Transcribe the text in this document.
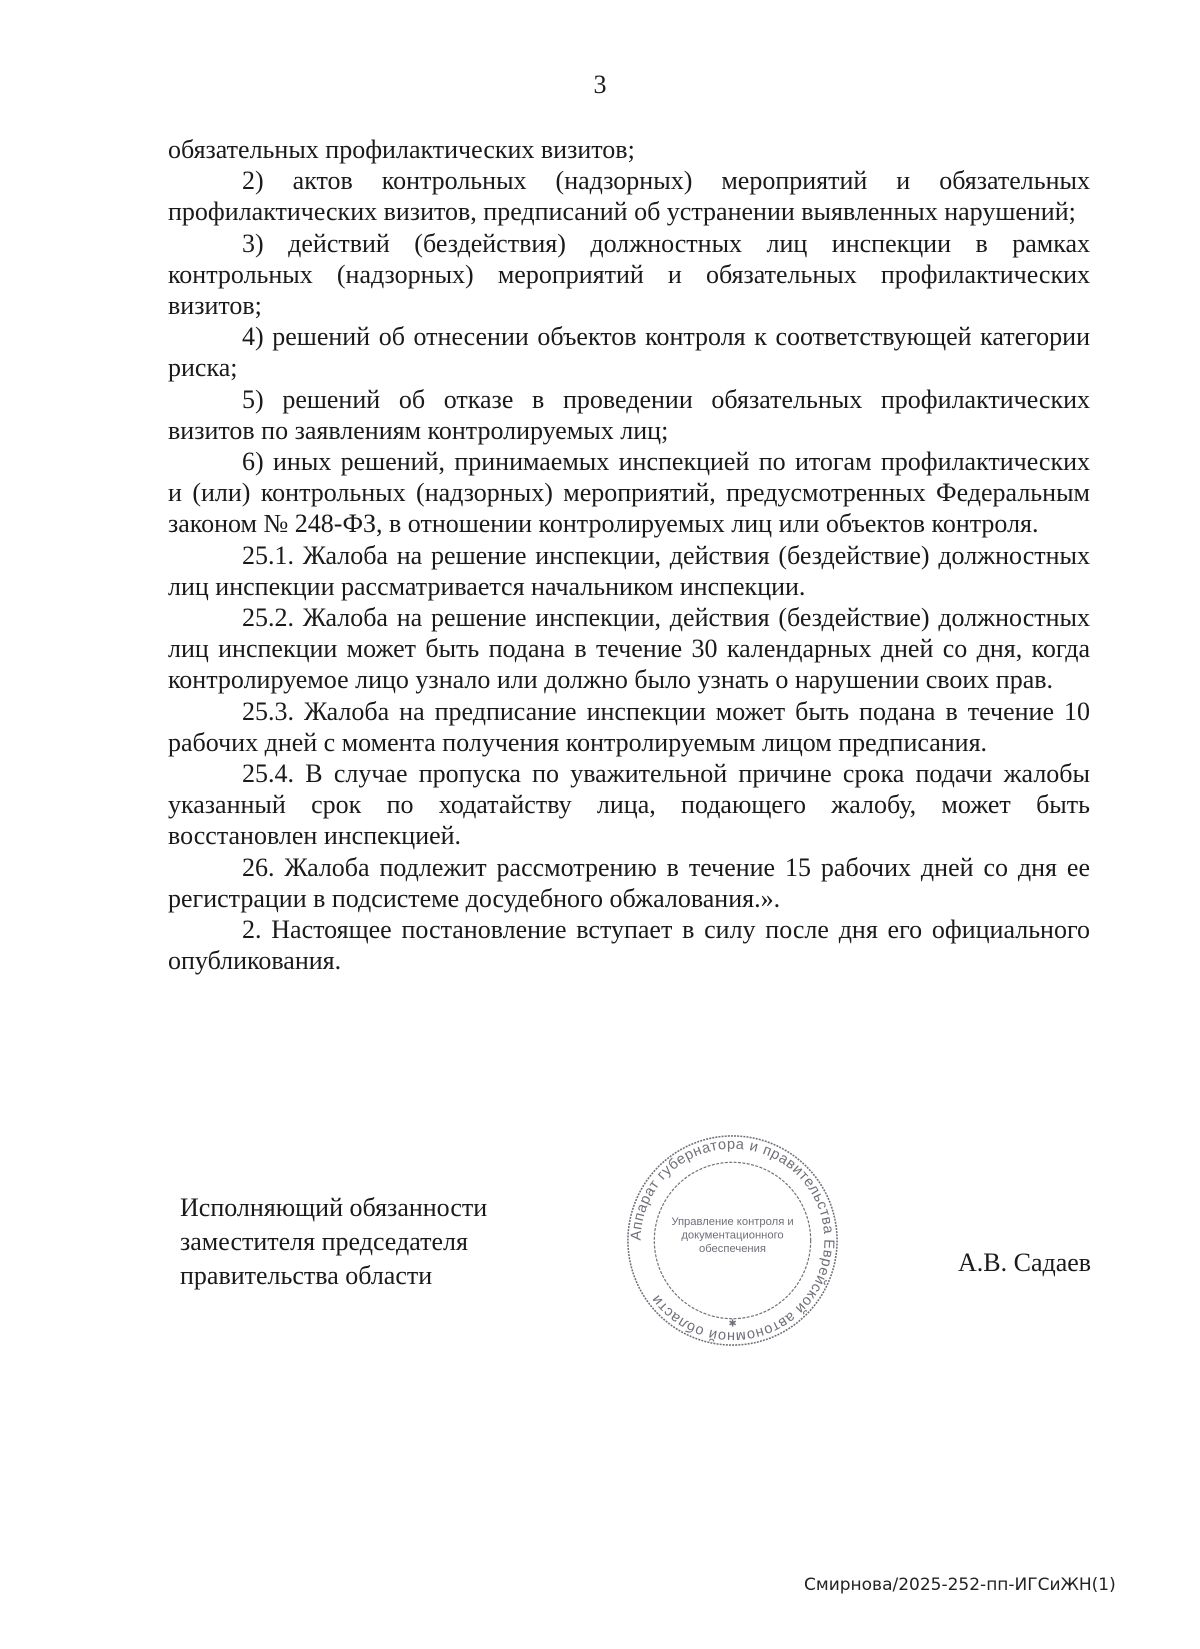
3

обязательных профилактических визитов;

2) актов контрольных (надзорных) мероприятий и обязательных профилактических визитов, предписаний об устранении выявленных нарушений;

3) действий (бездействия) должностных лиц инспекции в рамках контрольных (надзорных) мероприятий и обязательных профилактических визитов;

4) решений об отнесении объектов контроля к соответствующей категории риска;

5) решений об отказе в проведении обязательных профилактических визитов по заявлениям контролируемых лиц;

6) иных решений, принимаемых инспекцией по итогам профилактических и (или) контрольных (надзорных) мероприятий, предусмотренных Федеральным законом № 248-ФЗ, в отношении контролируемых лиц или объектов контроля.

25.1. Жалоба на решение инспекции, действия (бездействие) должностных лиц инспекции рассматривается начальником инспекции.

25.2. Жалоба на решение инспекции, действия (бездействие) должностных лиц инспекции может быть подана в течение 30 календарных дней со дня, когда контролируемое лицо узнало или должно было узнать о нарушении своих прав.

25.3. Жалоба на предписание инспекции может быть подана в течение 10 рабочих дней с момента получения контролируемым лицом предписания.

25.4. В случае пропуска по уважительной причине срока подачи жалобы указанный срок по ходатайству лица, подающего жалобу, может быть восстановлен инспекцией.

26. Жалоба подлежит рассмотрению в течение 15 рабочих дней со дня ее регистрации в подсистеме досудебного обжалования.».

2. Настоящее постановление вступает в силу после дня его официального опубликования.

Исполняющий обязанности
заместителя председателя
правительства области
Аппарат губернатора и правительства Еврейской автономной области
Управление контроля и
документационного
обеспечения
✱
А.В. Садаев
Смирнова/2025-252-пп-ИГСиЖН(1)
